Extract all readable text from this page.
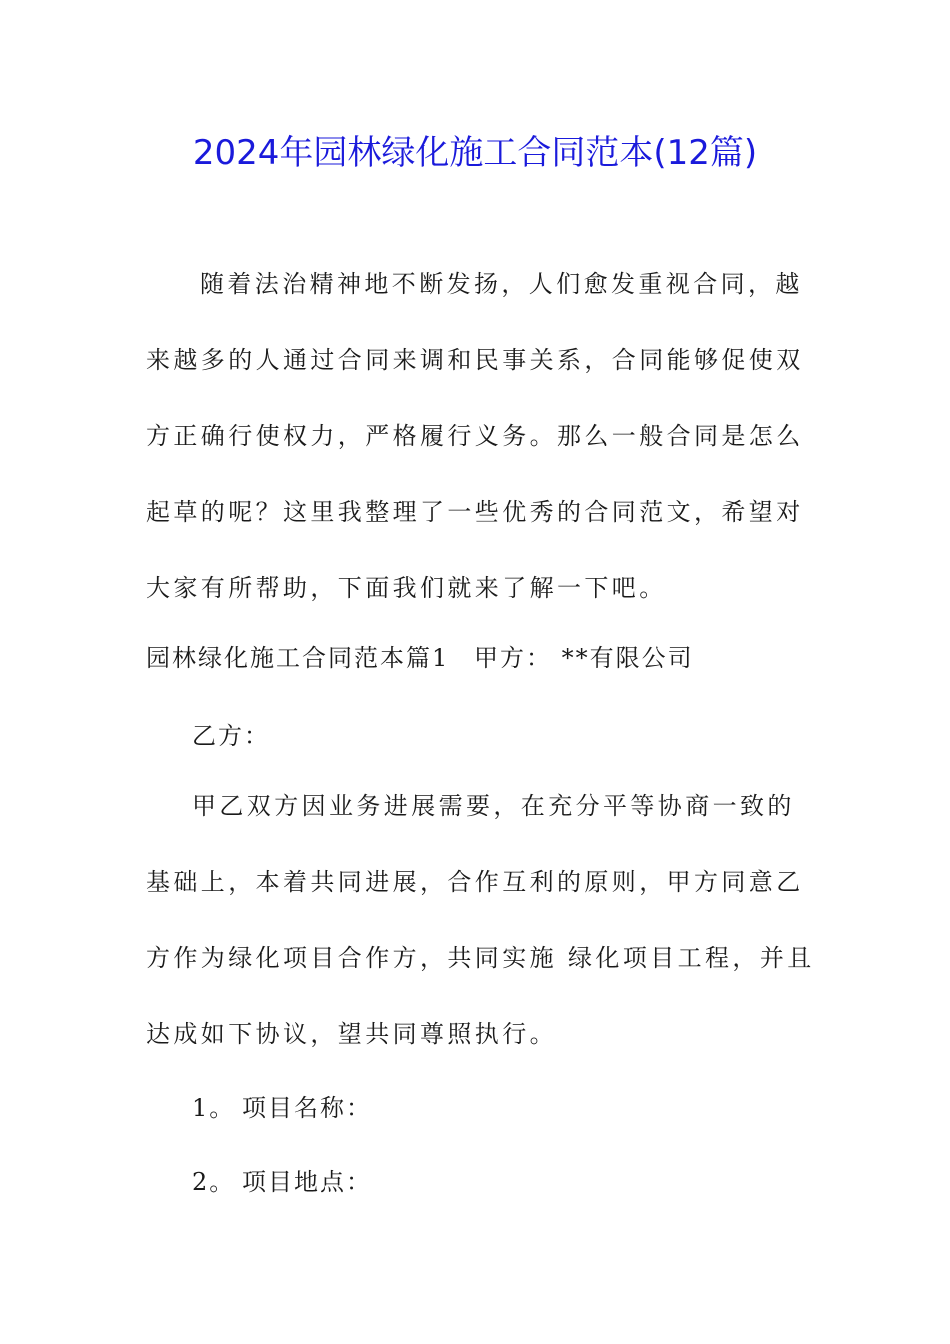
2024年园林绿化施工合同范本(12篇)

随着法治精神地不断发扬，人们愈发重视合同，越来越多的人通过合同来调和民事关系，合同能够促使双方正确行使权力，严格履行义务。那么一般合同是怎么起草的呢？这里我整理了一些优秀的合同范文，希望对大家有所帮助，下面我们就来了解一下吧。

园林绿化施工合同范本篇1 甲方： **有限公司
乙方：

甲乙双方因业务进展需要，在充分平等协商一致的基础上，本着共同进展，合作互利的原则，甲方同意乙方作为绿化项目合作方，共同实施 绿化项目工程，并且达成如下协议，望共同尊照执行。

1。 项目名称：
2。 项目地点：
